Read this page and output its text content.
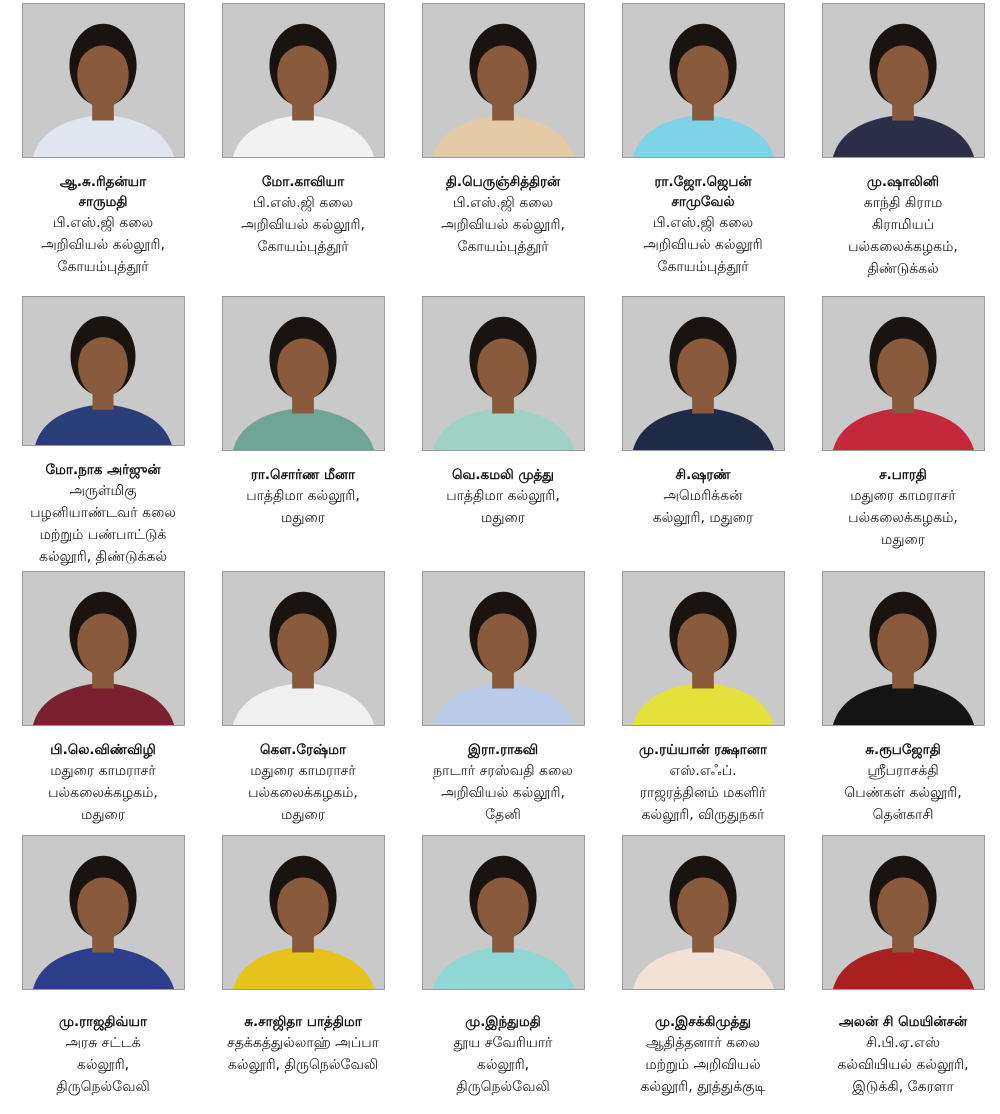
ஆ.சு.ரிதன்யா
சாருமதி
பி.எஸ்.ஜி கலை
அறிவியல் கல்லூரி,
கோயம்புத்தூர்
மோ.காவியா
பி.எஸ்.ஜி கலை
அறிவியல் கல்லூரி,
கோயம்புத்தூர்
தி.பெருஞ்சித்திரன்
பி.எஸ்.ஜி கலை
அறிவியல் கல்லூரி,
கோயம்புத்தூர்
ரா.ஜோ.ஜெபன்
சாமுவேல்
பி.எஸ்.ஜி கலை
அறிவியல் கல்லூரி
கோயம்புத்தூர்
மு.ஷாலினி
காந்தி கிராம
கிராமியப்
பல்கலைக்கழகம்,
திண்டுக்கல்
மோ.நாக அர்ஜுன்
அருள்மிகு
பழனியாண்டவர் கலை
மற்றும் பண்பாட்டுக்
கல்லூரி, திண்டுக்கல்
ரா.சொர்ண மீனா
பாத்திமா கல்லூரி,
மதுரை
வெ.கமலி முத்து
பாத்திமா கல்லூரி,
மதுரை
சி.ஷரண்
அமெரிக்கன்
கல்லூரி, மதுரை
ச.பாரதி
மதுரை காமராசர்
பல்கலைக்கழகம்,
மதுரை
பி.லெ.விண்விழி
மதுரை காமராசர்
பல்கலைக்கழகம்,
மதுரை
கௌ.ரேஷ்மா
மதுரை காமராசர்
பல்கலைக்கழகம்,
மதுரை
இரா.ராகவி
நாடார் சரஸ்வதி கலை
அறிவியல் கல்லூரி,
தேனி
மு.ரய்யான் ரக்ஷானா
எஸ்.எஃப்.
ராஜரத்தினம் மகளிர்
கல்லூரி, விருதுநகர்
சு.ரூபஜோதி
ஸ்ரீபராசக்தி
பெண்கள் கல்லூரி,
தென்காசி
மு.ராஜதிவ்யா
அரசு சட்டக்
கல்லூரி,
திருநெல்வேலி
சு.சாஜிதா பாத்திமா
சதக்கத்துல்லாஹ் அப்பா
கல்லூரி, திருநெல்வேலி
மு.இந்துமதி
தூய சவேரியார்
கல்லூரி,
திருநெல்வேலி
மு.இசக்கிமுத்து
ஆதித்தனார் கலை
மற்றும் அறிவியல்
கல்லூரி, தூத்துக்குடி
அலன் சி மெயின்சன்
சி.பி.ஏ.எஸ்
கல்வியியல் கல்லூரி,
இடுக்கி, கேரளா
